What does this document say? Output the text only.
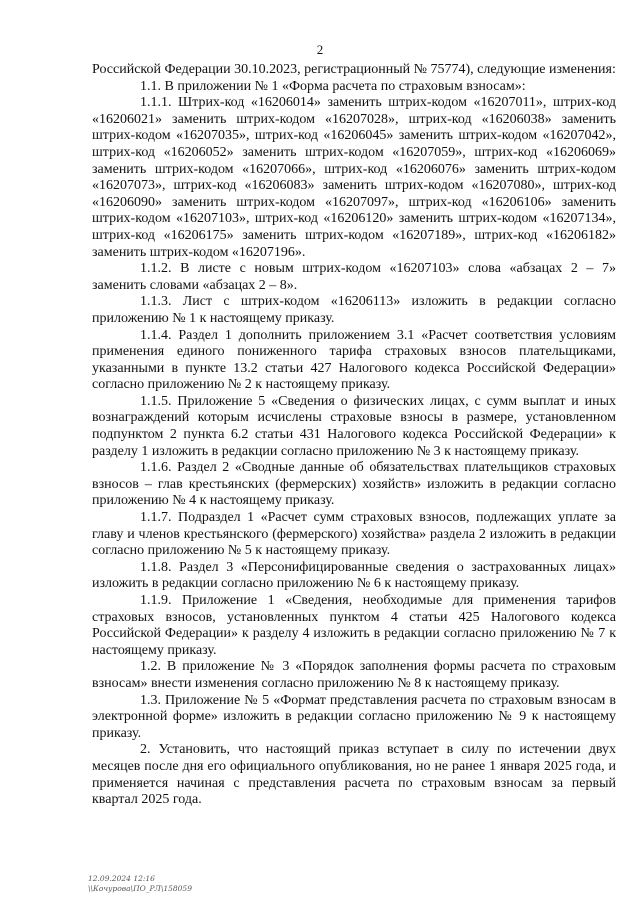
2

Российской Федерации 30.10.2023, регистрационный № 75774), следующие изменения:

1.1. В приложении № 1 «Форма расчета по страховым взносам»:

1.1.1. Штрих-код «16206014» заменить штрих-кодом «16207011», штрих-код «16206021» заменить штрих-кодом «16207028», штрих-код «16206038» заменить штрих-кодом «16207035», штрих-код «16206045» заменить штрих-кодом «16207042», штрих-код «16206052» заменить штрих-кодом «16207059», штрих-код «16206069» заменить штрих-кодом «16207066», штрих-код «16206076» заменить штрих-кодом «16207073», штрих-код «16206083» заменить штрих-кодом «16207080», штрих-код «16206090» заменить штрих-кодом «16207097», штрих-код «16206106» заменить штрих-кодом «16207103», штрих-код «16206120» заменить штрих-кодом «16207134», штрих-код «16206175» заменить штрих-кодом «16207189», штрих-код «16206182» заменить штрих-кодом «16207196».

1.1.2. В листе с новым штрих-кодом «16207103» слова «абзацах 2 – 7» заменить словами «абзацах 2 – 8».

1.1.3. Лист с штрих-кодом «16206113» изложить в редакции согласно приложению № 1 к настоящему приказу.

1.1.4. Раздел 1 дополнить приложением 3.1 «Расчет соответствия условиям применения единого пониженного тарифа страховых взносов плательщиками, указанными в пункте 13.2 статьи 427 Налогового кодекса Российской Федерации» согласно приложению № 2 к настоящему приказу.

1.1.5. Приложение 5 «Сведения о физических лицах, с сумм выплат и иных вознаграждений которым исчислены страховые взносы в размере, установленном подпунктом 2 пункта 6.2 статьи 431 Налогового кодекса Российской Федерации» к разделу 1 изложить в редакции согласно приложению № 3 к настоящему приказу.

1.1.6. Раздел 2 «Сводные данные об обязательствах плательщиков страховых взносов – глав крестьянских (фермерских) хозяйств» изложить в редакции согласно приложению № 4 к настоящему приказу.

1.1.7. Подраздел 1 «Расчет сумм страховых взносов, подлежащих уплате за главу и членов крестьянского (фермерского) хозяйства» раздела 2 изложить в редакции согласно приложению № 5 к настоящему приказу.

1.1.8. Раздел 3 «Персонифицированные сведения о застрахованных лицах» изложить в редакции согласно приложению № 6 к настоящему приказу.

1.1.9. Приложение 1 «Сведения, необходимые для применения тарифов страховых взносов, установленных пунктом 4 статьи 425 Налогового кодекса Российской Федерации» к разделу 4 изложить в редакции согласно приложению № 7 к настоящему приказу.

1.2. В приложение № 3 «Порядок заполнения формы расчета по страховым взносам» внести изменения согласно приложению № 8 к настоящему приказу.

1.3. Приложение № 5 «Формат представления расчета по страховым взносам в электронной форме» изложить в редакции согласно приложению № 9 к настоящему приказу.

2. Установить, что настоящий приказ вступает в силу по истечении двух месяцев после дня его официального опубликования, но не ранее 1 января 2025 года, и применяется начиная с представления расчета по страховым взносам за первый квартал 2025 года.

12.09.2024 12:16
\\Кочурова\ПО_РЛ\158059
